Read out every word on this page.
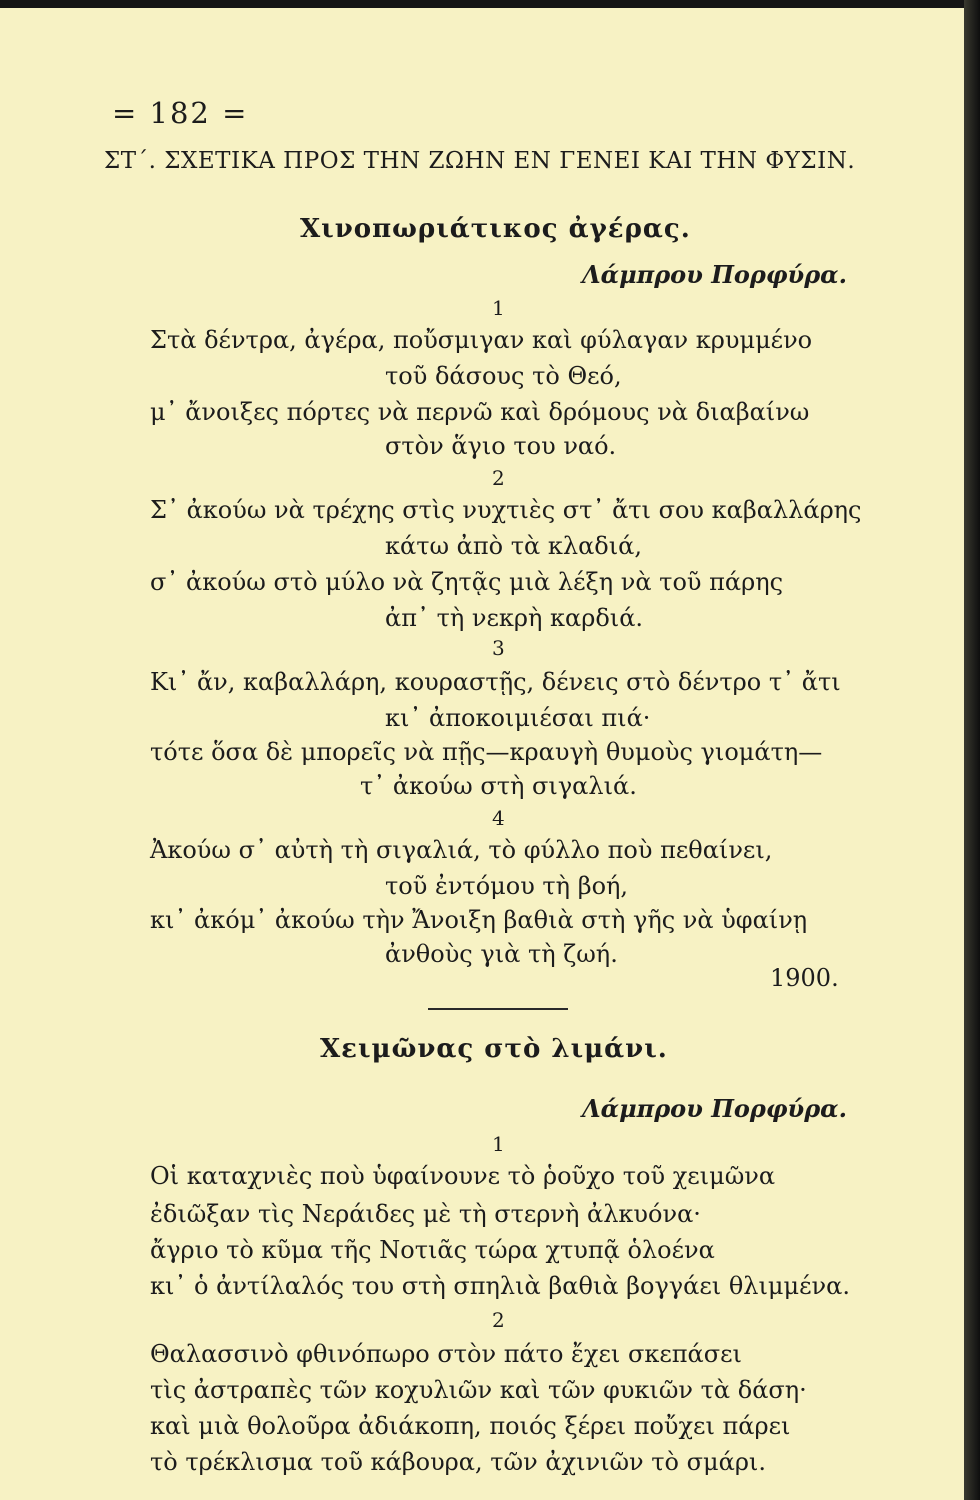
= 182 =
ΣΤ΄. ΣΧΕΤΙΚΑ ΠΡΟΣ ΤΗΝ ΖΩΗΝ ΕΝ ΓΕΝΕΙ ΚΑΙ ΤΗΝ ΦΥΣΙΝ.
Χινοπωριάτικος ἀγέρας.
Λάμπρου Πορφύρα.
1
Στὰ δέντρα, ἀγέρα, ποὔσμιγαν καὶ φύλαγαν κρυμμένο
τοῦ δάσους τὸ Θεό,
μ᾽ ἄνοιξες πόρτες νὰ περνῶ καὶ δρόμους νὰ διαβαίνω
στὸν ἅγιο του ναό.
2
Σ᾽ ἀκούω νὰ τρέχης στὶς νυχτιὲς στ᾽ ἄτι σου καβαλλάρης
κάτω ἀπὸ τὰ κλαδιά,
σ᾽ ἀκούω στὸ μύλο νὰ ζητᾷς μιὰ λέξη νὰ τοῦ πάρης
ἀπ᾽ τὴ νεκρὴ καρδιά.
3
Κι᾽ ἄν, καβαλλάρη, κουραστῇς, δένεις στὸ δέντρο τ᾽ ἄτι
κι᾽ ἀποκοιμιέσαι πιά·
τότε ὅσα δὲ μπορεῖς νὰ πῇς—κραυγὴ θυμοὺς γιομάτη—
τ᾽ ἀκούω στὴ σιγαλιά.
4
Ἀκούω σ᾽ αὐτὴ τὴ σιγαλιά, τὸ φύλλο ποὺ πεθαίνει,
τοῦ ἐντόμου τὴ βοή,
κι᾽ ἀκόμ᾽ ἀκούω τὴν Ἄνοιξη βαθιὰ στὴ γῆς νὰ ὑφαίνῃ
ἀνθοὺς γιὰ τὴ ζωή.
1900.
Χειμῶνας στὸ λιμάνι.
Λάμπρου Πορφύρα.
1
Οἱ καταχνιὲς ποὺ ὑφαίνουνε τὸ ῥοῦχο τοῦ χειμῶνα
ἐδιῶξαν τὶς Νεράιδες μὲ τὴ στερνὴ ἀλκυόνα·
ἄγριο τὸ κῦμα τῆς Νοτιᾶς τώρα χτυπᾷ ὁλοένα
κι᾽ ὁ ἀντίλαλός του στὴ σπηλιὰ βαθιὰ βογγάει θλιμμένα.
2
Θαλασσινὸ φθινόπωρο στὸν πάτο ἔχει σκεπάσει
τὶς ἀστραπὲς τῶν κοχυλιῶν καὶ τῶν φυκιῶν τὰ δάση·
καὶ μιὰ θολοῦρα ἀδιάκοπη, ποιός ξέρει ποὔχει πάρει
τὸ τρέκλισμα τοῦ κάβουρα, τῶν ἀχινιῶν τὸ σμάρι.
